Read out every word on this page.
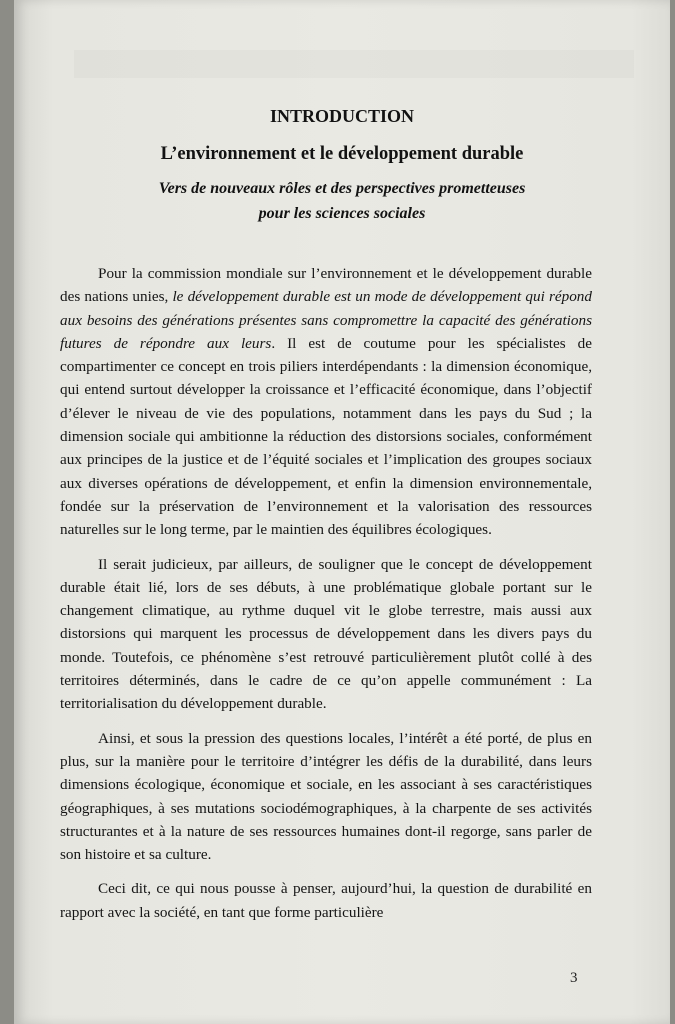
INTRODUCTION
L’environnement et le développement durable
Vers de nouveaux rôles et des perspectives prometteuses
pour les sciences sociales

Pour la commission mondiale sur l’environnement et le développement durable des nations unies, le développement durable est un mode de développement qui répond aux besoins des générations présentes sans compromettre la capacité des générations futures de répondre aux leurs. Il est de coutume pour les spécialistes de compartimenter ce concept en trois piliers interdépendants : la dimension économique, qui entend surtout développer la croissance et l’efficacité économique, dans l’objectif d’élever le niveau de vie des populations, notamment dans les pays du Sud ; la dimension sociale qui ambitionne la réduction des distorsions sociales, conformément aux principes de la justice et de l’équité sociales et l’implication des groupes sociaux aux diverses opérations de développement, et enfin la dimension environnementale, fondée sur la préservation de l’environnement et la valorisation des ressources naturelles sur le long terme, par le maintien des équilibres écologiques.

Il serait judicieux, par ailleurs, de souligner que le concept de développement durable était lié, lors de ses débuts, à une problématique globale portant sur le changement climatique, au rythme duquel vit le globe terrestre, mais aussi aux distorsions qui marquent les processus de développement dans les divers pays du monde. Toutefois, ce phénomène s’est retrouvé particulièrement plutôt collé à des territoires déterminés, dans le cadre de ce qu’on appelle communément : La territorialisation du développement durable.

Ainsi, et sous la pression des questions locales, l’intérêt a été porté, de plus en plus, sur la manière pour le territoire d’intégrer les défis de la durabilité, dans leurs dimensions écologique, économique et sociale, en les associant à ses caractéristiques géographiques, à ses mutations sociodémographiques, à la charpente de ses activités structurantes et à la nature de ses ressources humaines dont-il regorge, sans parler de son histoire et sa culture.

Ceci dit, ce qui nous pousse à penser, aujourd’hui, la question de durabilité en rapport avec la société, en tant que forme particulière

3
